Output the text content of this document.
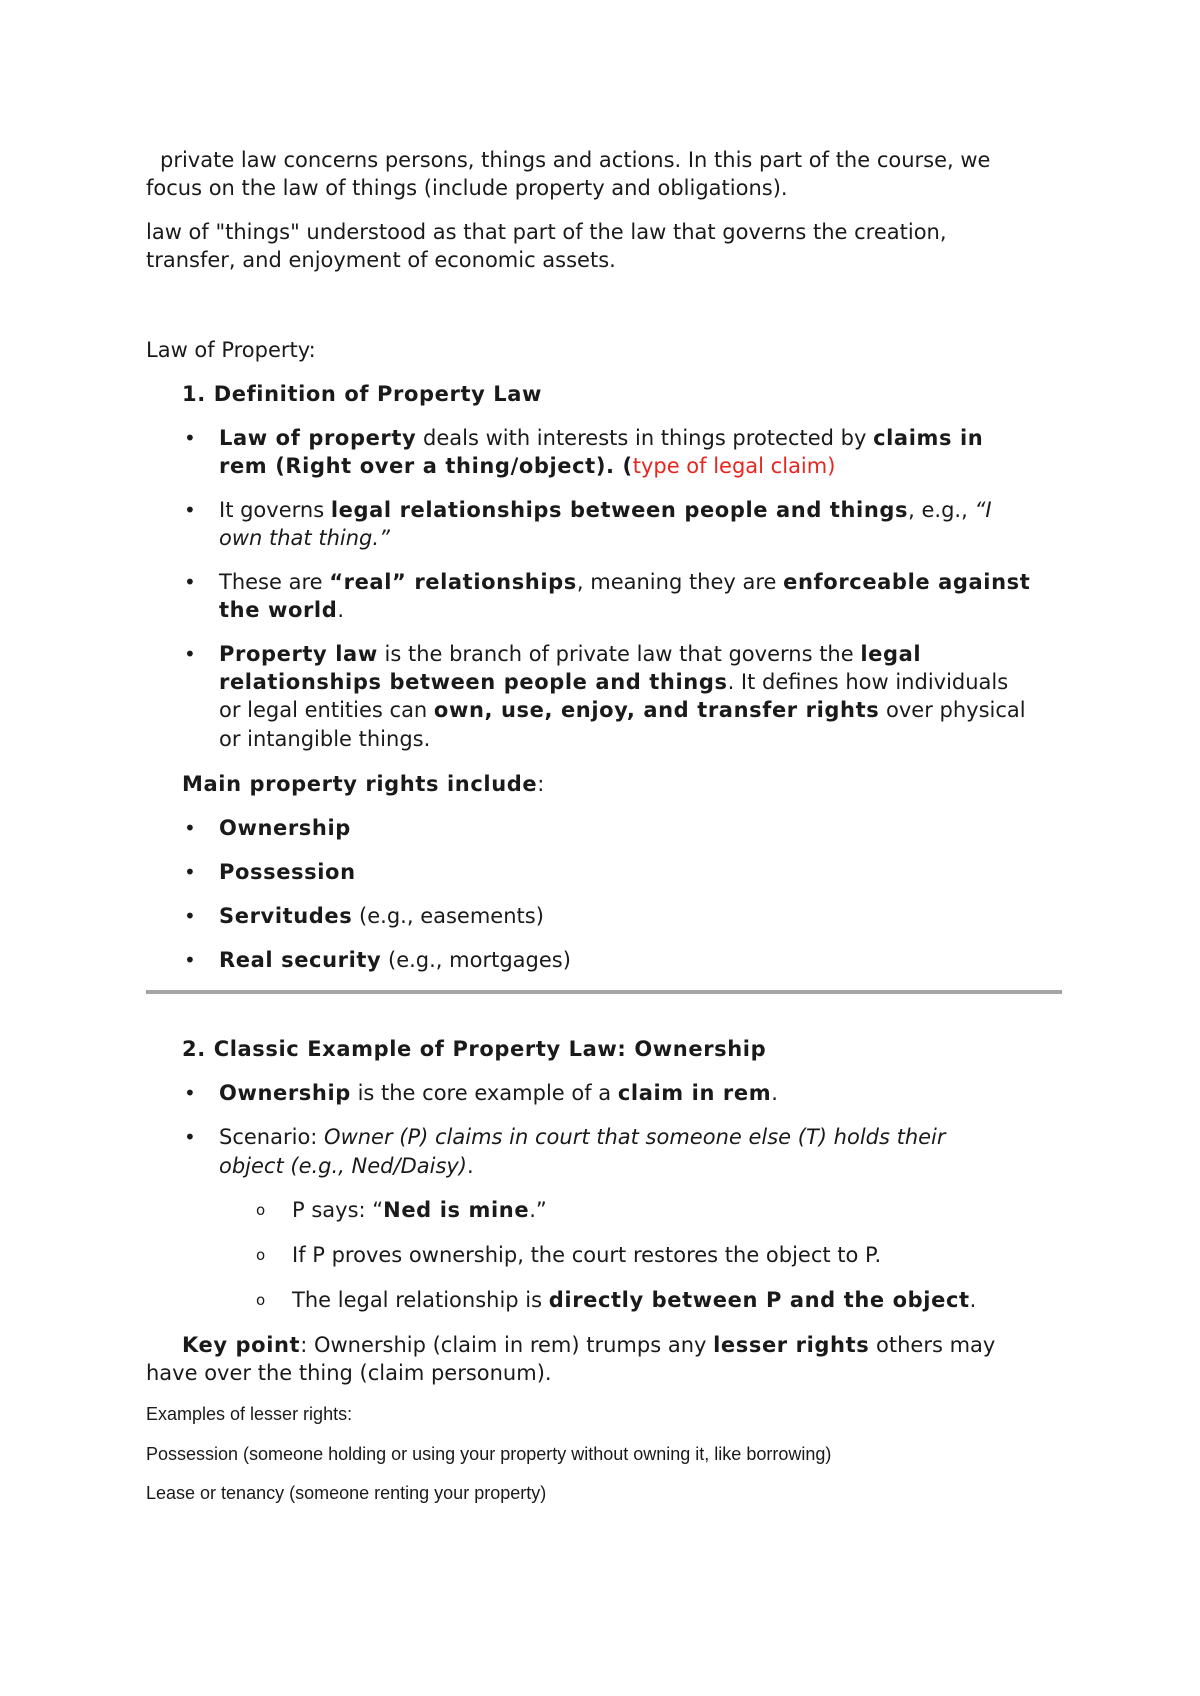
private law concerns persons, things and actions. In this part of the course, we
focus on the law of things (include property and obligations).
law of "things" understood as that part of the law that governs the creation,
transfer, and enjoyment of economic assets.
Law of Property:
1. Definition of Property Law
• Law of property deals with interests in things protected by claims in
rem (Right over a thing/object). (type of legal claim)
• It governs legal relationships between people and things, e.g., “I
own that thing.”
• These are “real” relationships, meaning they are enforceable against
the world.
• Property law is the branch of private law that governs the legal
relationships between people and things. It defines how individuals
or legal entities can own, use, enjoy, and transfer rights over physical
or intangible things.
Main property rights include:
• Ownership
• Possession
• Servitudes (e.g., easements)
• Real security (e.g., mortgages)
2. Classic Example of Property Law: Ownership
• Ownership is the core example of a claim in rem.
• Scenario: Owner (P) claims in court that someone else (T) holds their
object (e.g., Ned/Daisy).
o P says: “Ned is mine.”
o If P proves ownership, the court restores the object to P.
o The legal relationship is directly between P and the object.
Key point: Ownership (claim in rem) trumps any lesser rights others may
have over the thing (claim personum).
Examples of lesser rights:
Possession (someone holding or using your property without owning it, like borrowing)
Lease or tenancy (someone renting your property)
